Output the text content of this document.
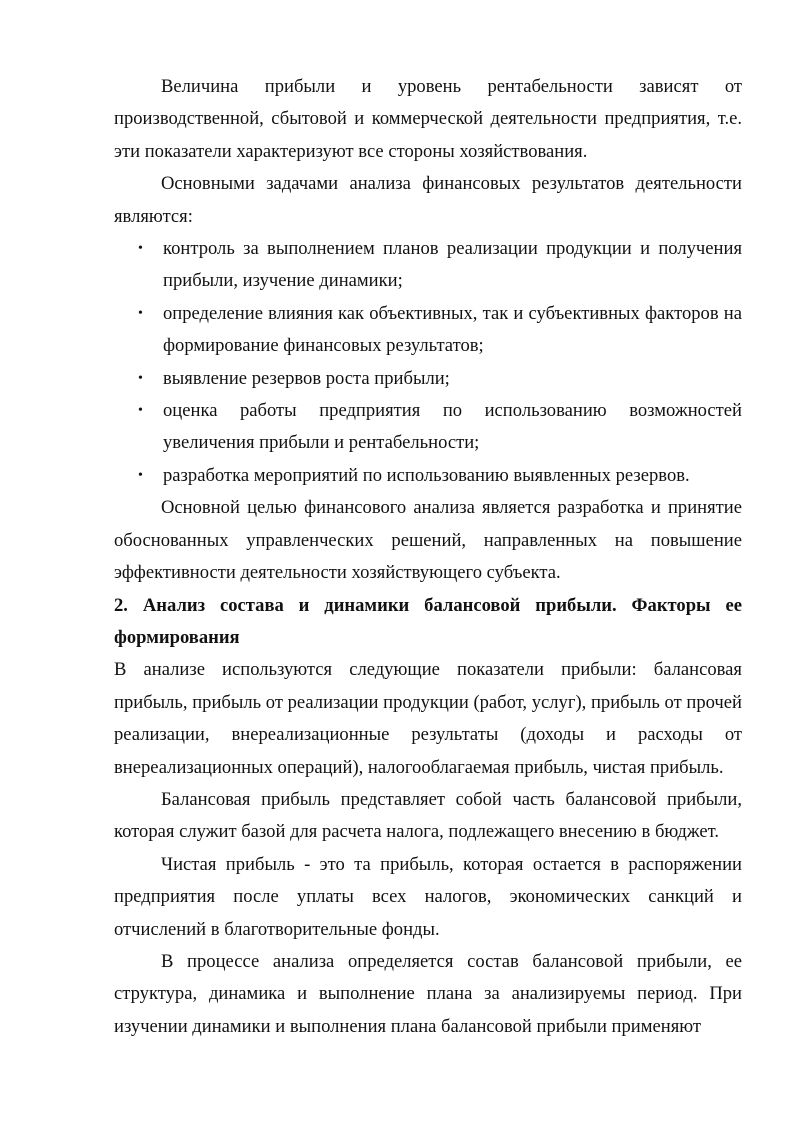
Величина прибыли и уровень рентабельности зависят от производственной, сбытовой и коммерческой деятельности предприятия, т.е. эти показатели характеризуют все стороны хозяйствования.

Основными задачами анализа финансовых результатов деятельности являются:

• контроль за выполнением планов реализации продукции и получения прибыли, изучение динамики;
• определение влияния как объективных, так и субъективных факторов на формирование финансовых результатов;
• выявление резервов роста прибыли;
• оценка работы предприятия по использованию возможностей увеличения прибыли и рентабельности;
• разработка мероприятий по использованию выявленных резервов.

Основной целью финансового анализа является разработка и принятие обоснованных управленческих решений, направленных на повышение эффективности деятельности хозяйствующего субъекта.

2. Анализ состава и динамики балансовой прибыли. Факторы ее формирования

В анализе используются следующие показатели прибыли: балансовая прибыль, прибыль от реализации продукции (работ, услуг), прибыль от прочей реализации, внереализационные результаты (доходы и расходы от внереализационных операций), налогооблагаемая прибыль, чистая прибыль.

Балансовая прибыль представляет собой часть балансовой прибыли, которая служит базой для расчета налога, подлежащего внесению в бюджет.

Чистая прибыль - это та прибыль, которая остается в распоряжении предприятия после уплаты всех налогов, экономических санкций и отчислений в благотворительные фонды.

В процессе анализа определяется состав балансовой прибыли, ее структура, динамика и выполнение плана за анализируемы период. При изучении динамики и выполнения плана балансовой прибыли применяют
